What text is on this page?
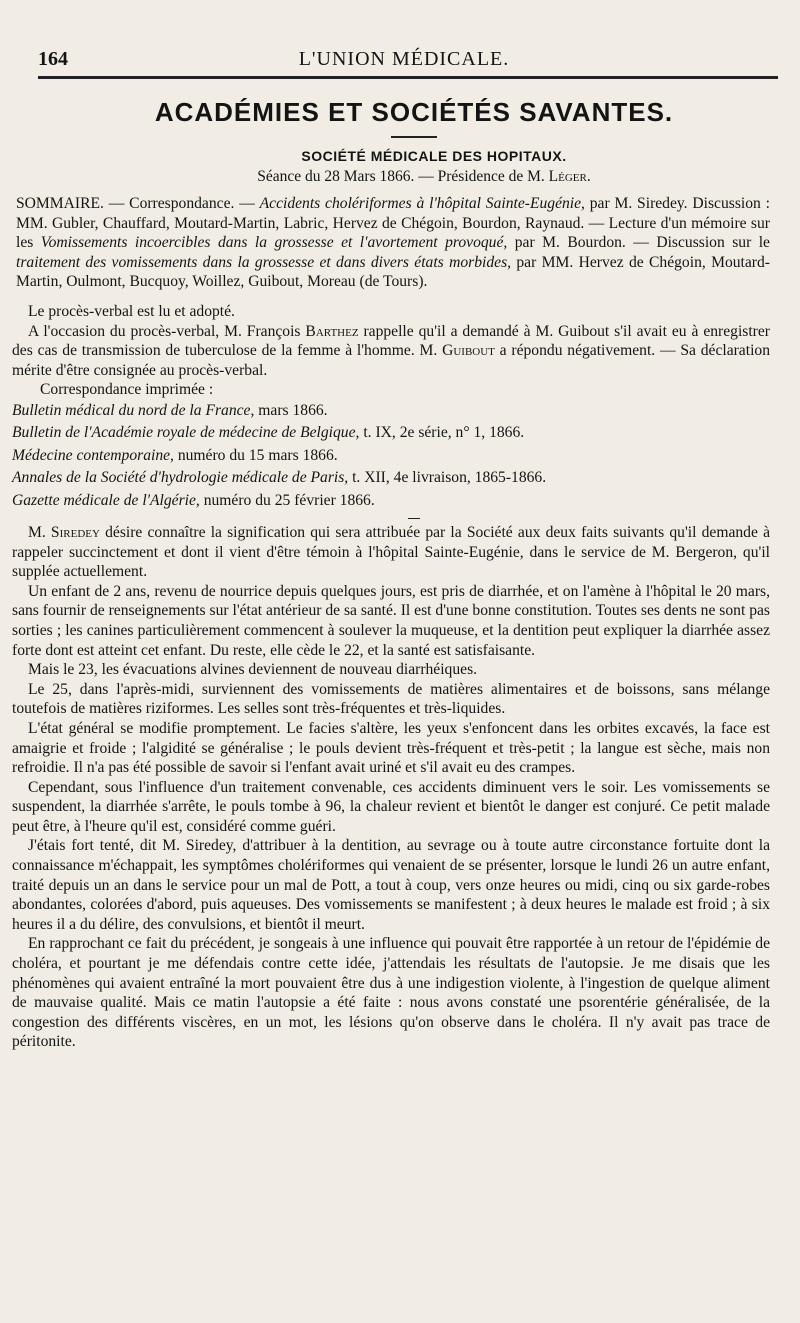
164	L'UNION MÉDICALE.
ACADÉMIES ET SOCIÉTÉS SAVANTES.
SOCIÉTÉ MÉDICALE DES HOPITAUX.
Séance du 28 Mars 1866. — Présidence de M. Léger.

SOMMAIRE. — Correspondance. — Accidents cholériformes à l'hôpital Sainte-Eugénie, par M. Siredey. Discussion : MM. Gubler, Chauffard, Moutard-Martin, Labric, Hervez de Chégoin, Bourdon, Raynaud. — Lecture d'un mémoire sur les Vomissements incoercibles dans la grossesse et l'avortement provoqué, par M. Bourdon. — Discussion sur le traitement des vomissements dans la grossesse et dans divers états morbides, par MM. Hervez de Chégoin, Moutard-Martin, Oulmont, Bucquoy, Woillez, Guibout, Moreau (de Tours).

Le procès-verbal est lu et adopté.

A l'occasion du procès-verbal, M. François Barthez rappelle qu'il a demandé à M. Guibout s'il avait eu à enregistrer des cas de transmission de tuberculose de la femme à l'homme. M. Guibout a répondu négativement. — Sa déclaration mérite d'être consignée au procès-verbal.

Correspondance imprimée :

Bulletin médical du nord de la France, mars 1866.
Bulletin de l'Académie royale de médecine de Belgique, t. IX, 2e série, n° 1, 1866.
Médecine contemporaine, numéro du 15 mars 1866.
Annales de la Société d'hydrologie médicale de Paris, t. XII, 4e livraison, 1865-1866.
Gazette médicale de l'Algérie, numéro du 25 février 1866.

M. Siredey désire connaître la signification qui sera attribuée par la Société aux deux faits suivants qu'il demande à rappeler succinctement et dont il vient d'être témoin à l'hôpital Sainte-Eugénie, dans le service de M. Bergeron, qu'il supplée actuellement.

Un enfant de 2 ans, revenu de nourrice depuis quelques jours, est pris de diarrhée, et on l'amène à l'hôpital le 20 mars, sans fournir de renseignements sur l'état antérieur de sa santé. Il est d'une bonne constitution. Toutes ses dents ne sont pas sorties ; les canines particulièrement commencent à soulever la muqueuse, et la dentition peut expliquer la diarrhée assez forte dont est atteint cet enfant. Du reste, elle cède le 22, et la santé est satisfaisante.

Mais le 23, les évacuations alvines deviennent de nouveau diarrhéiques.

Le 25, dans l'après-midi, surviennent des vomissements de matières alimentaires et de boissons, sans mélange toutefois de matières riziformes. Les selles sont très-fréquentes et très-liquides.

L'état général se modifie promptement. Le facies s'altère, les yeux s'enfoncent dans les orbites excavés, la face est amaigrie et froide ; l'algidité se généralise ; le pouls devient très-fréquent et très-petit ; la langue est sèche, mais non refroidie. Il n'a pas été possible de savoir si l'enfant avait uriné et s'il avait eu des crampes.

Cependant, sous l'influence d'un traitement convenable, ces accidents diminuent vers le soir. Les vomissements se suspendent, la diarrhée s'arrête, le pouls tombe à 96, la chaleur revient et bientôt le danger est conjuré. Ce petit malade peut être, à l'heure qu'il est, considéré comme guéri.

J'étais fort tenté, dit M. Siredey, d'attribuer à la dentition, au sevrage ou à toute autre circonstance fortuite dont la connaissance m'échappait, les symptômes cholériformes qui venaient de se présenter, lorsque le lundi 26 un autre enfant, traité depuis un an dans le service pour un mal de Pott, a tout à coup, vers onze heures ou midi, cinq ou six garde-robes abondantes, colorées d'abord, puis aqueuses. Des vomissements se manifestent ; à deux heures le malade est froid ; à six heures il a du délire, des convulsions, et bientôt il meurt.

En rapprochant ce fait du précédent, je songeais à une influence qui pouvait être rapportée à un retour de l'épidémie de choléra, et pourtant je me défendais contre cette idée, j'attendais les résultats de l'autopsie. Je me disais que les phénomènes qui avaient entraîné la mort pouvaient être dus à une indigestion violente, à l'ingestion de quelque aliment de mauvaise qualité. Mais ce matin l'autopsie a été faite : nous avons constaté une psorentérie généralisée, de la congestion des différents viscères, en un mot, les lésions qu'on observe dans le choléra. Il n'y avait pas trace de péritonite.
